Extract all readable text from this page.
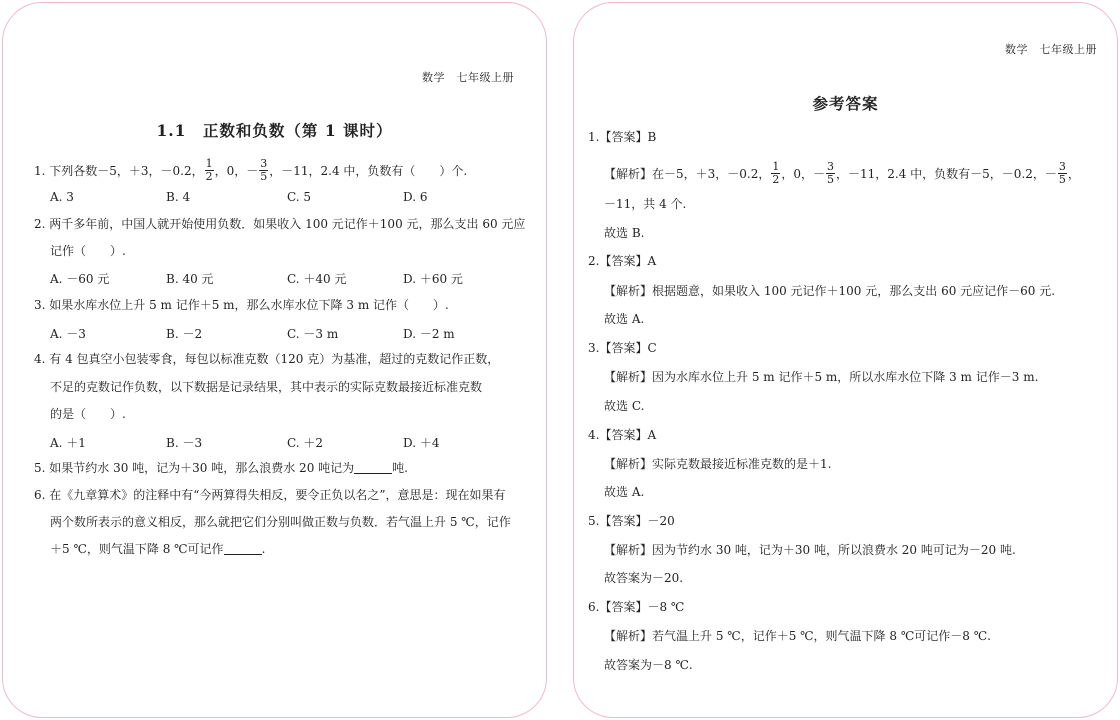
数学　七年级上册
1.1　正数和负数（第 1 课时）
1. 下列各数－5，＋3，－0.2， $\frac{1}{2}$ ，0，－ $\frac{3}{5}$ ，－11，2.4 中，负数有（　　）个.
A. 3	B. 4	C. 5	D. 6
2. 两千多年前，中国人就开始使用负数．如果收入 100 元记作＋100 元，那么支出 60 元应
记作（　　）.
A. －60 元	B. 40 元	C. ＋40 元	D. ＋60 元
3. 如果水库水位上升 5 m 记作＋5 m，那么水库水位下降 3 m 记作（　　）.
A. －3	B. －2	C. －3 m	D. －2 m
4. 有 4 包真空小包装零食，每包以标准克数（120 克）为基准，超过的克数记作正数，
不足的克数记作负数，以下数据是记录结果，其中表示的实际克数最接近标准克数
的是（　　）.
A. ＋1	B. －3	C. ＋2	D. ＋4
5. 如果节约水 30 吨，记为＋30 吨，那么浪费水 20 吨记为	吨.
6. 在《九章算术》的注释中有“今两算得失相反，要令正负以名之”，意思是：现在如果有
两个数所表示的意义相反，那么就把它们分别叫做正数与负数．若气温上升 5 ℃，记作
＋5 ℃，则气温下降 8 ℃可记作	.
数学　七年级上册
参考答案
1.【答案】B
【解析】在－5，＋3，－0.2， $\frac{1}{2}$ ，0，－ $\frac{3}{5}$ ，－11，2.4 中，负数有－5，－0.2，－ $\frac{3}{5}$ ，
－11，共 4 个.
故选 B.
2.【答案】A
【解析】根据题意，如果收入 100 元记作＋100 元，那么支出 60 元应记作－60 元.
故选 A.
3.【答案】C
【解析】因为水库水位上升 5 m 记作＋5 m，所以水库水位下降 3 m 记作－3 m.
故选 C.
4.【答案】A
【解析】实际克数最接近标准克数的是＋1.
故选 A.
5.【答案】－20
【解析】因为节约水 30 吨，记为＋30 吨，所以浪费水 20 吨可记为－20 吨.
故答案为－20.
6.【答案】－8 ℃
【解析】若气温上升 5 ℃，记作＋5 ℃，则气温下降 8 ℃可记作－8 ℃.
故答案为－8 ℃.
